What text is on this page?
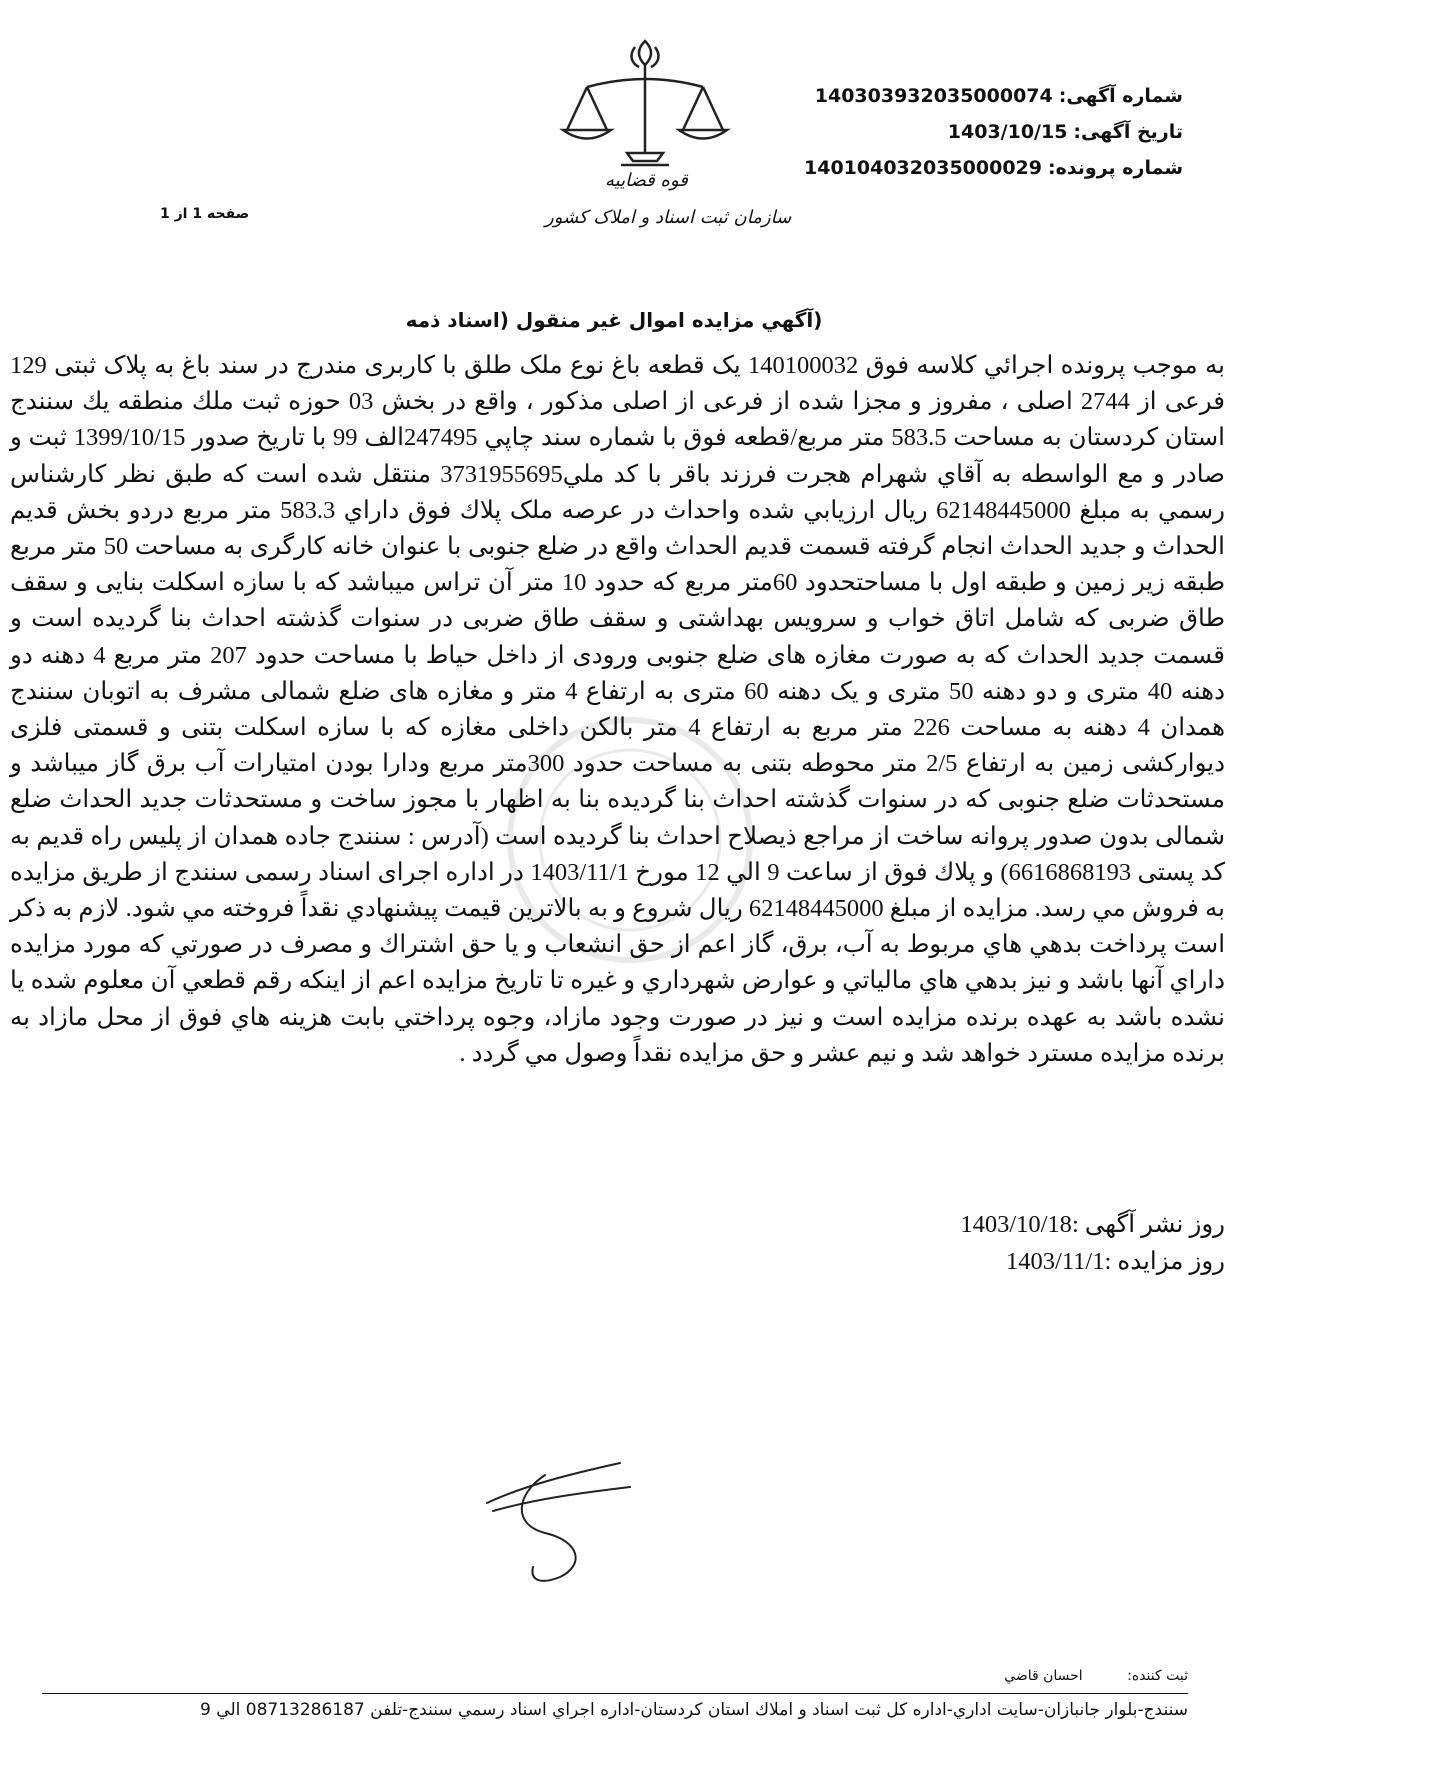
شماره آگهی:140303932035000074
تاریخ آگهی:1403/10/15
شماره پرونده:140104032035000029
قوه قضاییه
سازمان ثبت اسناد و املاک کشور
صفحه 1 از 1
(آگهي مزايده اموال غير منقول (اسناد ذمه

به موجب پرونده اجرائي كلاسه فوق 140100032 یک قطعه باغ نوع ملک طلق با کاربری مندرج در سند باغ به پلاک ثبتی 129 فرعی از 2744 اصلی ، مفروز و مجزا شده از فرعی از اصلی مذکور ، واقع در بخش 03 حوزه ثبت ملك منطقه يك سنندج استان کردستان به مساحت 583.5 متر مربع/قطعه فوق با شماره سند چاپي 247495الف 99 با تاریخ صدور 1399/10/15 ثبت و صادر و مع الواسطه به آقاي شهرام هجرت فرزند باقر با کد ملي3731955695 منتقل شده است که طبق نظر کارشناس رسمي به مبلغ 62148445000 ريال ارزيابي شده واحداث در عرصه ملک پلاك فوق داراي 583.3 متر مربع دردو بخش قدیم الحداث و جدید الحداث انجام گرفته قسمت قدیم الحداث واقع در ضلع جنوبی با عنوان خانه کارگری به مساحت 50 متر مربع طبقه زیر زمین و طبقه اول با مساحتحدود 60متر مربع که حدود 10 متر آن تراس میباشد که با سازه اسکلت بنایی و سقف طاق ضربی که شامل اتاق خواب و سرویس بهداشتی و سقف طاق ضربی در سنوات گذشته احداث بنا گردیده است و قسمت جدید الحداث که به صورت مغازه های ضلع جنوبی ورودی از داخل حیاط با مساحت حدود 207 متر مربع 4 دهنه دو دهنه 40 متری و دو دهنه 50 متری و یک دهنه 60 متری به ارتفاع 4 متر و مغازه های ضلع شمالی مشرف به اتوبان سنندج همدان 4 دهنه به مساحت 226 متر مربع به ارتفاع 4 متر بالکن داخلی مغازه که با سازه اسکلت بتنی و قسمتی فلزی دیوارکشی زمین به ارتفاع 2/5 متر محوطه بتنی به مساحت حدود 300متر مربع ودارا بودن امتیارات آب برق گاز میباشد و مستحدثات ضلع جنوبی که در سنوات گذشته احداث بنا گردیده بنا به اظهار با مجوز ساخت و مستحدثات جدید الحداث ضلع شمالی بدون صدور پروانه ساخت از مراجع ذیصلاح احداث بنا گردیده است (آدرس : سنندج جاده همدان از پليس راه قديم به كد پستی 6616868193) و پلاك فوق از ساعت 9 الي 12 مورخ 1403/11/1 در اداره اجرای اسناد رسمی سنندج از طريق مزايده به فروش مي رسد. مزايده از مبلغ 62148445000 ريال شروع و به بالاترين قيمت پيشنهادي نقداً فروخته مي شود. لازم به ذكر است پرداخت بدهي هاي مربوط به آب، برق، گاز اعم از حق انشعاب و يا حق اشتراك و مصرف در صورتي كه مورد مزايده داراي آنها باشد و نيز بدهي هاي مالياتي و عوارض شهرداري و غيره تا تاريخ مزايده اعم از اينكه رقم قطعي آن معلوم شده يا نشده باشد به عهده برنده مزايده است و نيز در صورت وجود مازاد، وجوه پرداختي بابت هزينه هاي فوق از محل مازاد به برنده مزايده مسترد خواهد شد و نيم عشر و حق مزايده نقداً وصول مي گردد .

روز نشر آگهی :1403/10/18
روز مزایده :1403/11/1
ثبت کننده: احسان قاضي
سنندج-بلوار جانبازان-سايت اداري-اداره كل ثبت اسناد و املاك استان كردستان-اداره اجراي اسناد رسمي سنندج-تلفن 08713286187 الي 9
